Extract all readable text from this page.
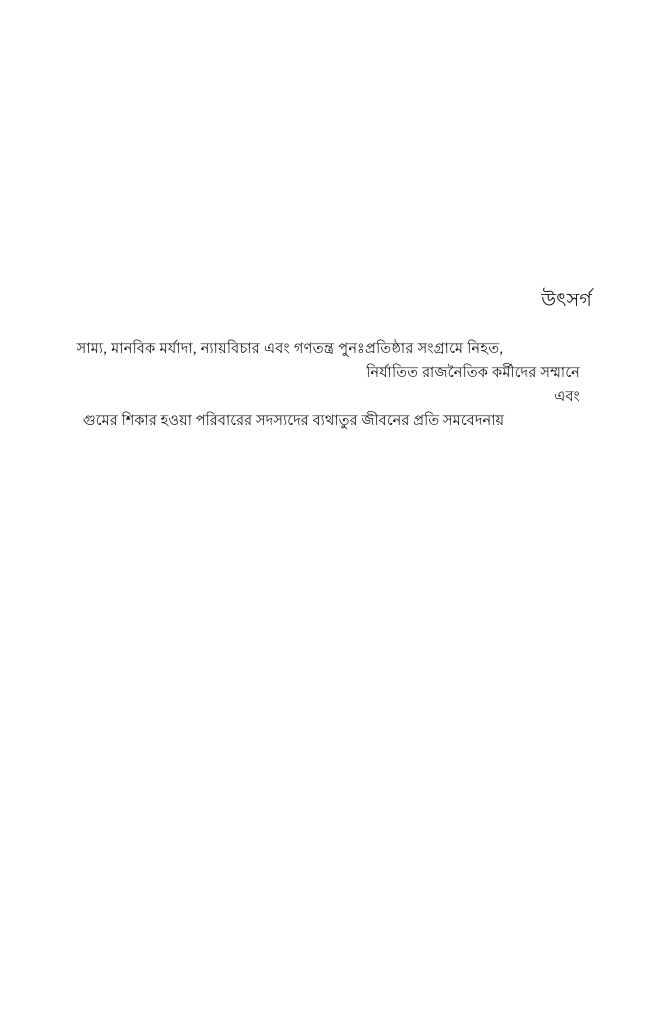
উৎসর্গ
সাম্য, মানবিক মর্যাদা, ন্যায়বিচার এবং গণতন্ত্র পুনঃপ্রতিষ্ঠার সংগ্রামে নিহত,
নির্যাতিত রাজনৈতিক কর্মীদের সম্মানে
এবং
গুমের শিকার হওয়া পরিবারের সদস্যদের ব্যথাতুর জীবনের প্রতি সমবেদনায়
